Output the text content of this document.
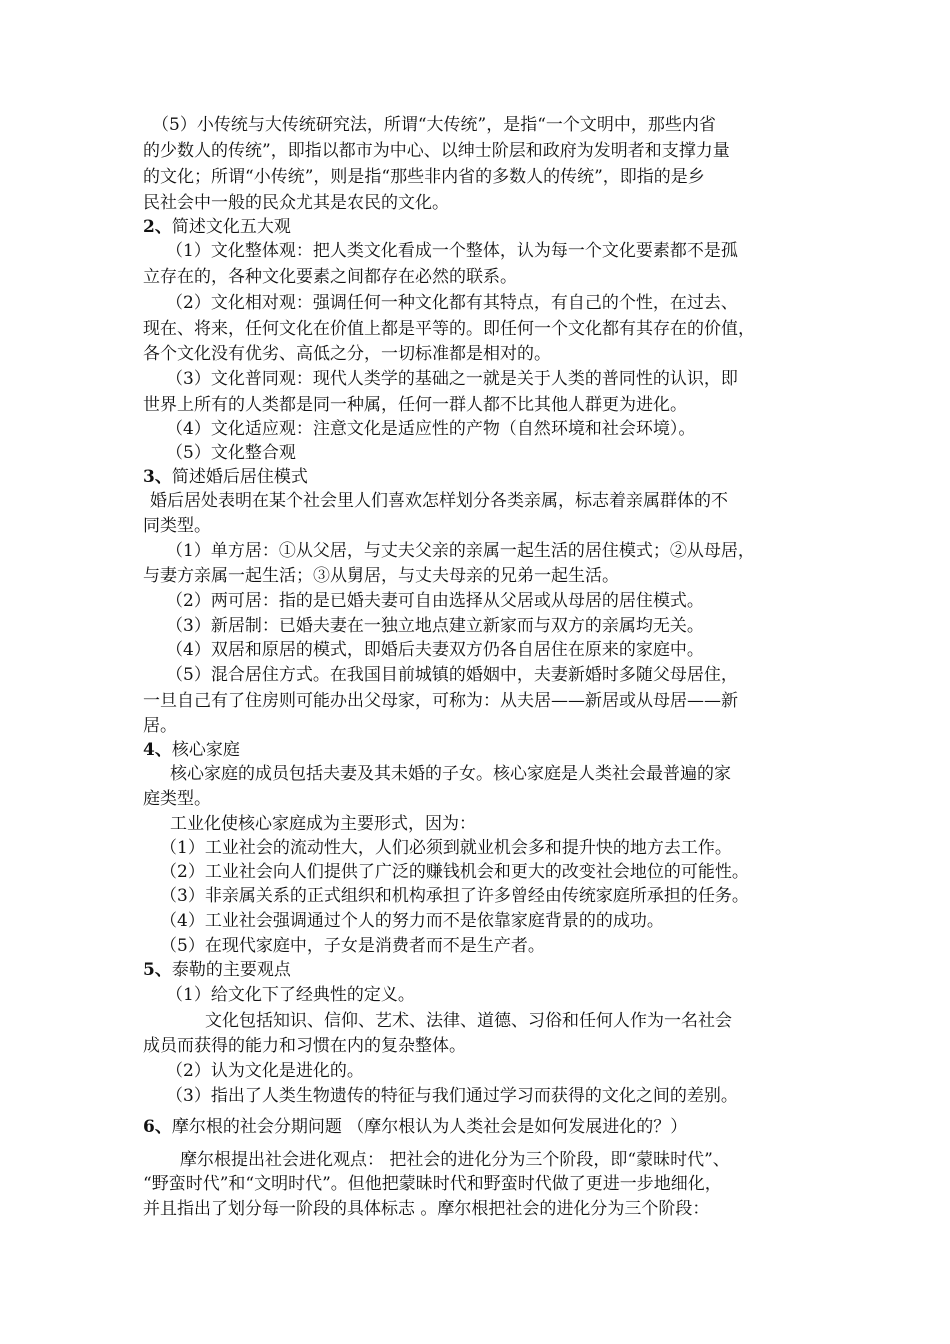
（5）小传统与大传统研究法，所谓“大传统”，是指“一个文明中，那些内省
的少数人的传统”，即指以都市为中心、以绅士阶层和政府为发明者和支撑力量
的文化；所谓“小传统”，则是指“那些非内省的多数人的传统”，即指的是乡
民社会中一般的民众尤其是农民的文化。
2、简述文化五大观
（1）文化整体观：把人类文化看成一个整体，认为每一个文化要素都不是孤
立存在的，各种文化要素之间都存在必然的联系。
（2）文化相对观：强调任何一种文化都有其特点，有自己的个性，在过去、
现在、将来，任何文化在价值上都是平等的。即任何一个文化都有其存在的价值，
各个文化没有优劣、高低之分，一切标准都是相对的。
（3）文化普同观：现代人类学的基础之一就是关于人类的普同性的认识，即
世界上所有的人类都是同一种属，任何一群人都不比其他人群更为进化。
（4）文化适应观：注意文化是适应性的产物（自然环境和社会环境）。
（5）文化整合观
3、简述婚后居住模式
婚后居处表明在某个社会里人们喜欢怎样划分各类亲属，标志着亲属群体的不
同类型。
（1）单方居：①从父居，与丈夫父亲的亲属一起生活的居住模式；②从母居，
与妻方亲属一起生活；③从舅居，与丈夫母亲的兄弟一起生活。
（2）两可居：指的是已婚夫妻可自由选择从父居或从母居的居住模式。
（3）新居制：已婚夫妻在一独立地点建立新家而与双方的亲属均无关。
（4）双居和原居的模式，即婚后夫妻双方仍各自居住在原来的家庭中。
（5）混合居住方式。在我国目前城镇的婚姻中，夫妻新婚时多随父母居住，
一旦自己有了住房则可能办出父母家，可称为：从夫居——新居或从母居——新
居。
4、核心家庭
核心家庭的成员包括夫妻及其未婚的子女。核心家庭是人类社会最普遍的家
庭类型。
工业化使核心家庭成为主要形式，因为：
（1）工业社会的流动性大，人们必须到就业机会多和提升快的地方去工作。
（2）工业社会向人们提供了广泛的赚钱机会和更大的改变社会地位的可能性。
（3）非亲属关系的正式组织和机构承担了许多曾经由传统家庭所承担的任务。
（4）工业社会强调通过个人的努力而不是依靠家庭背景的的成功。
（5）在现代家庭中，子女是消费者而不是生产者。
5、泰勒的主要观点
（1）给文化下了经典性的定义。
文化包括知识、信仰、艺术、法律、道德、习俗和任何人作为一名社会
成员而获得的能力和习惯在内的复杂整体。
（2）认为文化是进化的。
（3）指出了人类生物遗传的特征与我们通过学习而获得的文化之间的差别。
6、摩尔根的社会分期问题 （摩尔根认为人类社会是如何发展进化的？）
摩尔根提出社会进化观点： 把社会的进化分为三个阶段，即“蒙昧时代”、
“野蛮时代”和“文明时代”。但他把蒙昧时代和野蛮时代做了更进一步地细化，
并且指出了划分每一阶段的具体标志 。摩尔根把社会的进化分为三个阶段：
